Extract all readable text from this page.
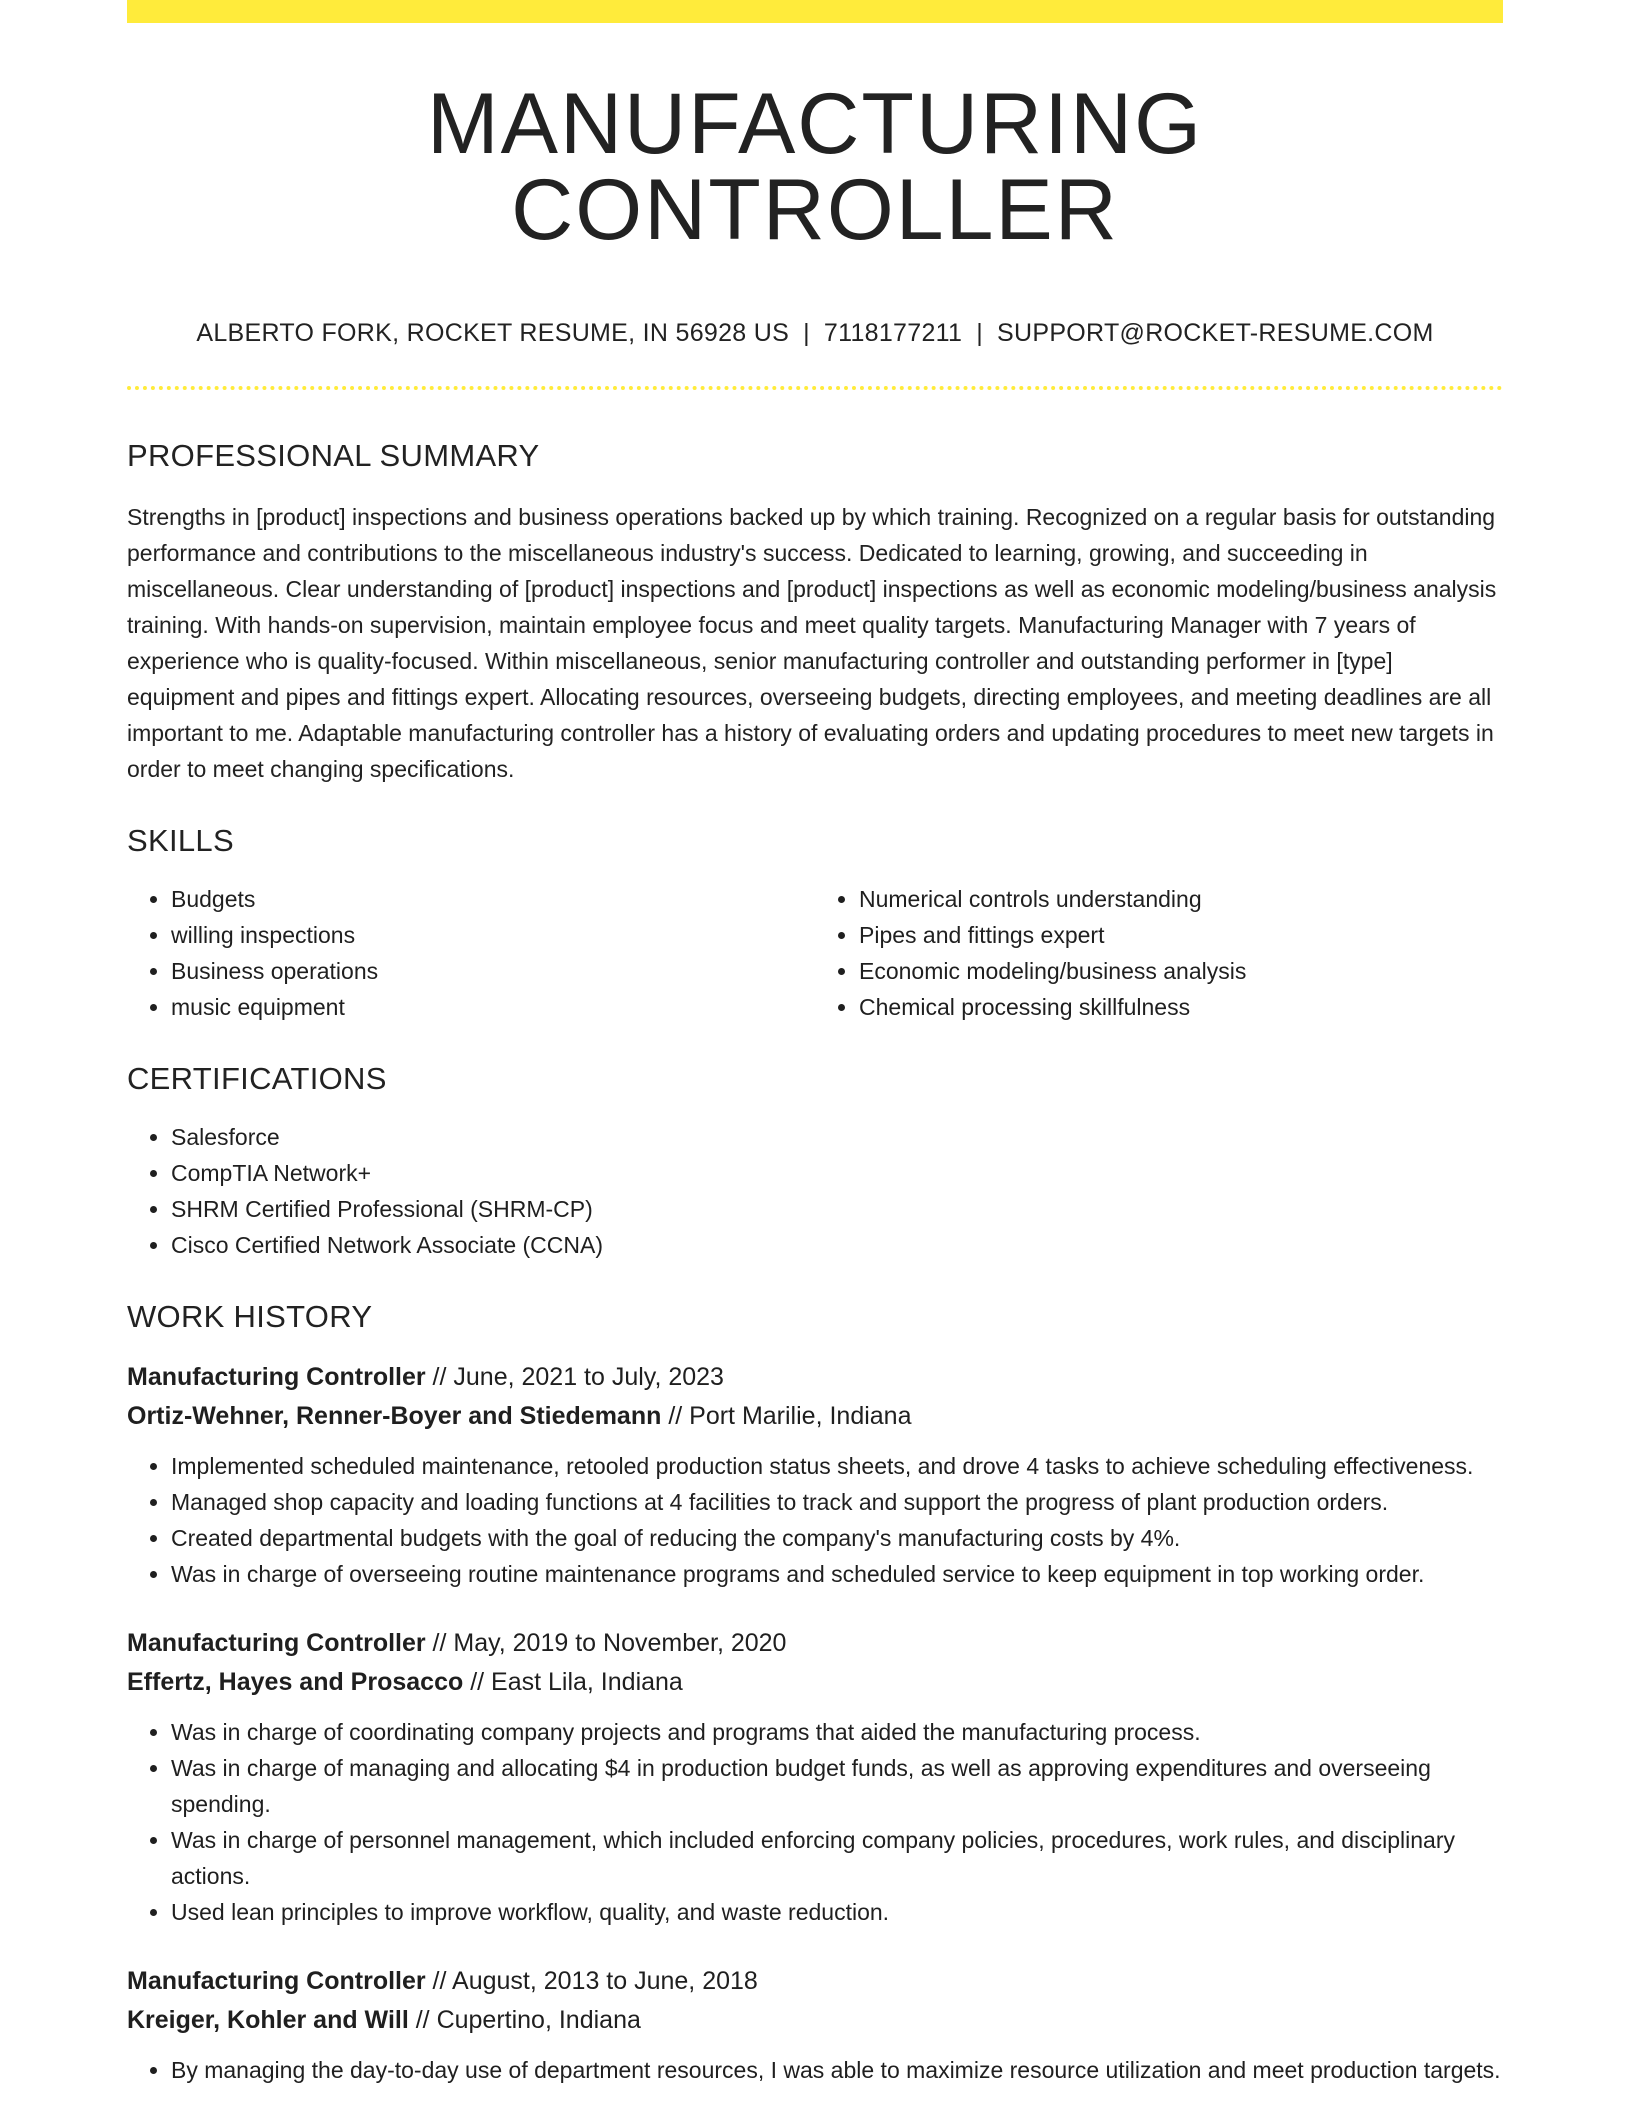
MANUFACTURING CONTROLLER
ALBERTO FORK, ROCKET RESUME, IN 56928 US | 7118177211 | SUPPORT@ROCKET-RESUME.COM
PROFESSIONAL SUMMARY
Strengths in [product] inspections and business operations backed up by which training. Recognized on a regular basis for outstanding performance and contributions to the miscellaneous industry's success. Dedicated to learning, growing, and succeeding in miscellaneous. Clear understanding of [product] inspections and [product] inspections as well as economic modeling/business analysis training. With hands-on supervision, maintain employee focus and meet quality targets. Manufacturing Manager with 7 years of experience who is quality-focused. Within miscellaneous, senior manufacturing controller and outstanding performer in [type] equipment and pipes and fittings expert. Allocating resources, overseeing budgets, directing employees, and meeting deadlines are all important to me. Adaptable manufacturing controller has a history of evaluating orders and updating procedures to meet new targets in order to meet changing specifications.
SKILLS
• Budgets
• willing inspections
• Business operations
• music equipment
• Numerical controls understanding
• Pipes and fittings expert
• Economic modeling/business analysis
• Chemical processing skillfulness
CERTIFICATIONS
• Salesforce
• CompTIA Network+
• SHRM Certified Professional (SHRM-CP)
• Cisco Certified Network Associate (CCNA)
WORK HISTORY
Manufacturing Controller // June, 2021 to July, 2023
Ortiz-Wehner, Renner-Boyer and Stiedemann // Port Marilie, Indiana
• Implemented scheduled maintenance, retooled production status sheets, and drove 4 tasks to achieve scheduling effectiveness.
• Managed shop capacity and loading functions at 4 facilities to track and support the progress of plant production orders.
• Created departmental budgets with the goal of reducing the company's manufacturing costs by 4%.
• Was in charge of overseeing routine maintenance programs and scheduled service to keep equipment in top working order.
Manufacturing Controller // May, 2019 to November, 2020
Effertz, Hayes and Prosacco // East Lila, Indiana
• Was in charge of coordinating company projects and programs that aided the manufacturing process.
• Was in charge of managing and allocating $4 in production budget funds, as well as approving expenditures and overseeing spending.
• Was in charge of personnel management, which included enforcing company policies, procedures, work rules, and disciplinary actions.
• Used lean principles to improve workflow, quality, and waste reduction.
Manufacturing Controller // August, 2013 to June, 2018
Kreiger, Kohler and Will // Cupertino, Indiana
• By managing the day-to-day use of department resources, I was able to maximize resource utilization and meet production targets.
